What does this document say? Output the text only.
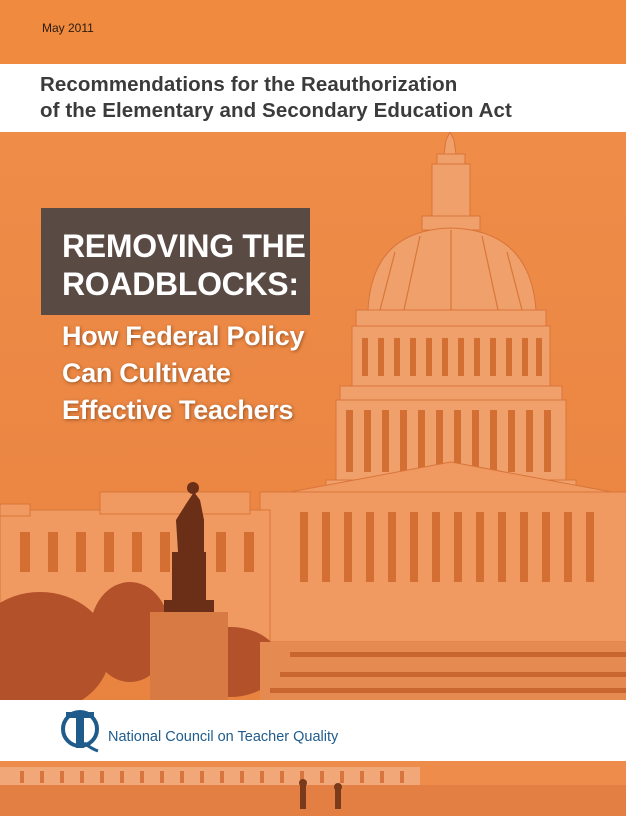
May 2011
Recommendations for the Reauthorization
of the Elementary and Secondary Education Act
REMOVING THE
ROADBLOCKS:
How Federal Policy
Can Cultivate
Effective Teachers
National Council on Teacher Quality
